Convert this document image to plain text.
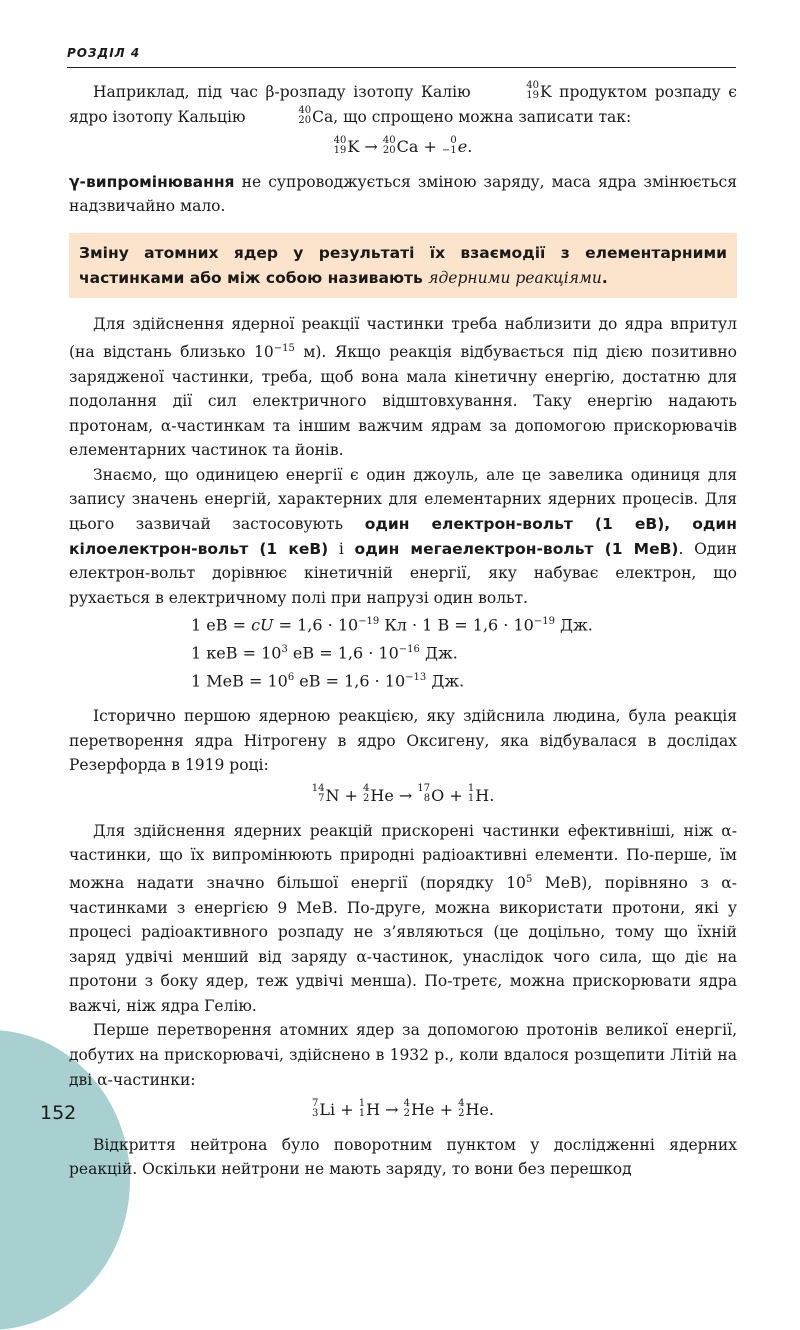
РОЗДІЛ 4

Наприклад, під час β-розпаду ізотопу Калію	40
19 K продуктом розпаду є ядро ізотопу Кальцію	40
20 Ca, що спрощено можна записати так:

40
19 K → 40
20 Ca + 0
−1 e.

γ-випромінювання не супроводжується зміною заряду, маса ядра змінюється надзвичайно мало.

Зміну атомних ядер у результаті їх взаємодії з елементарними частинками або між собою називають ядерними реакціями.

Для здійснення ядерної реакції частинки треба наблизити до ядра впритул (на відстань близько $10^{-15}$ м). Якщо реакція відбувається під дією позитивно зарядженої частинки, треба, щоб вона мала кінетичну енергію, достатню для подолання дії сил електричного відштовхування. Таку енергію надають протонам, α-частинкам та іншим важчим ядрам за допомогою прискорювачів елементарних частинок та йонів.

Знаємо, що одиницею енергії є один джоуль, але це завелика одиниця для запису значень енергій, характерних для елементарних ядерних процесів. Для цього зазвичай застосовують один електрон-вольт (1 еВ), один кілоелектрон-вольт (1 кеВ) і один мегаелектрон-вольт (1 МеВ). Один електрон-вольт дорівнює кінетичній енергії, яку набуває електрон, що рухається в електричному полі при напрузі один вольт.

1 еВ = cU = $1,6 \cdot 10^{-19}$ Кл · 1 $В = 1,6 \cdot 10^{-19}$ Дж.
1 кеВ = $10^3$ еВ = $1,6 \cdot 10^{-16}$ Дж.
1 МеВ = $10^6$ еВ = $1,6 \cdot 10^{-13}$ Дж.

Історично першою ядерною реакцією, яку здійснила людина, була реакція перетворення ядра Нітрогену в ядро Оксигену, яка відбувалася в дослідах Резерфорда в 1919 році:

14
7 N + 4
2 He → 17
8 O + 1
1 H.

Для здійснення ядерних реакцій прискорені частинки ефективніші, ніж α-частинки, що їх випромінюють природні радіоактивні елементи. По-перше, їм можна надати значно більшої енергії (порядку $10^5$ МеВ), порівняно з α-частинками з енергією 9 МеВ. По-друге, можна використати протони, які у процесі радіоактивного розпаду не з’являються (це доцільно, тому що їхній заряд удвічі менший від заряду α-частинок, унаслідок чого сила, що діє на протони з боку ядер, теж удвічі менша). По-третє, можна прискорювати ядра важчі, ніж ядра Гелію.

Перше перетворення атомних ядер за допомогою протонів великої енергії, добутих на прискорювачі, здійснено в 1932 р., коли вдалося розщепити Літій на дві α-частинки:

7
3 Li + 1
1 H → 4
2 He + 4
2 He.

Відкриття нейтрона було поворотним пунктом у дослідженні ядерних реакцій. Оскільки нейтрони не мають заряду, то вони без перешкод

152
